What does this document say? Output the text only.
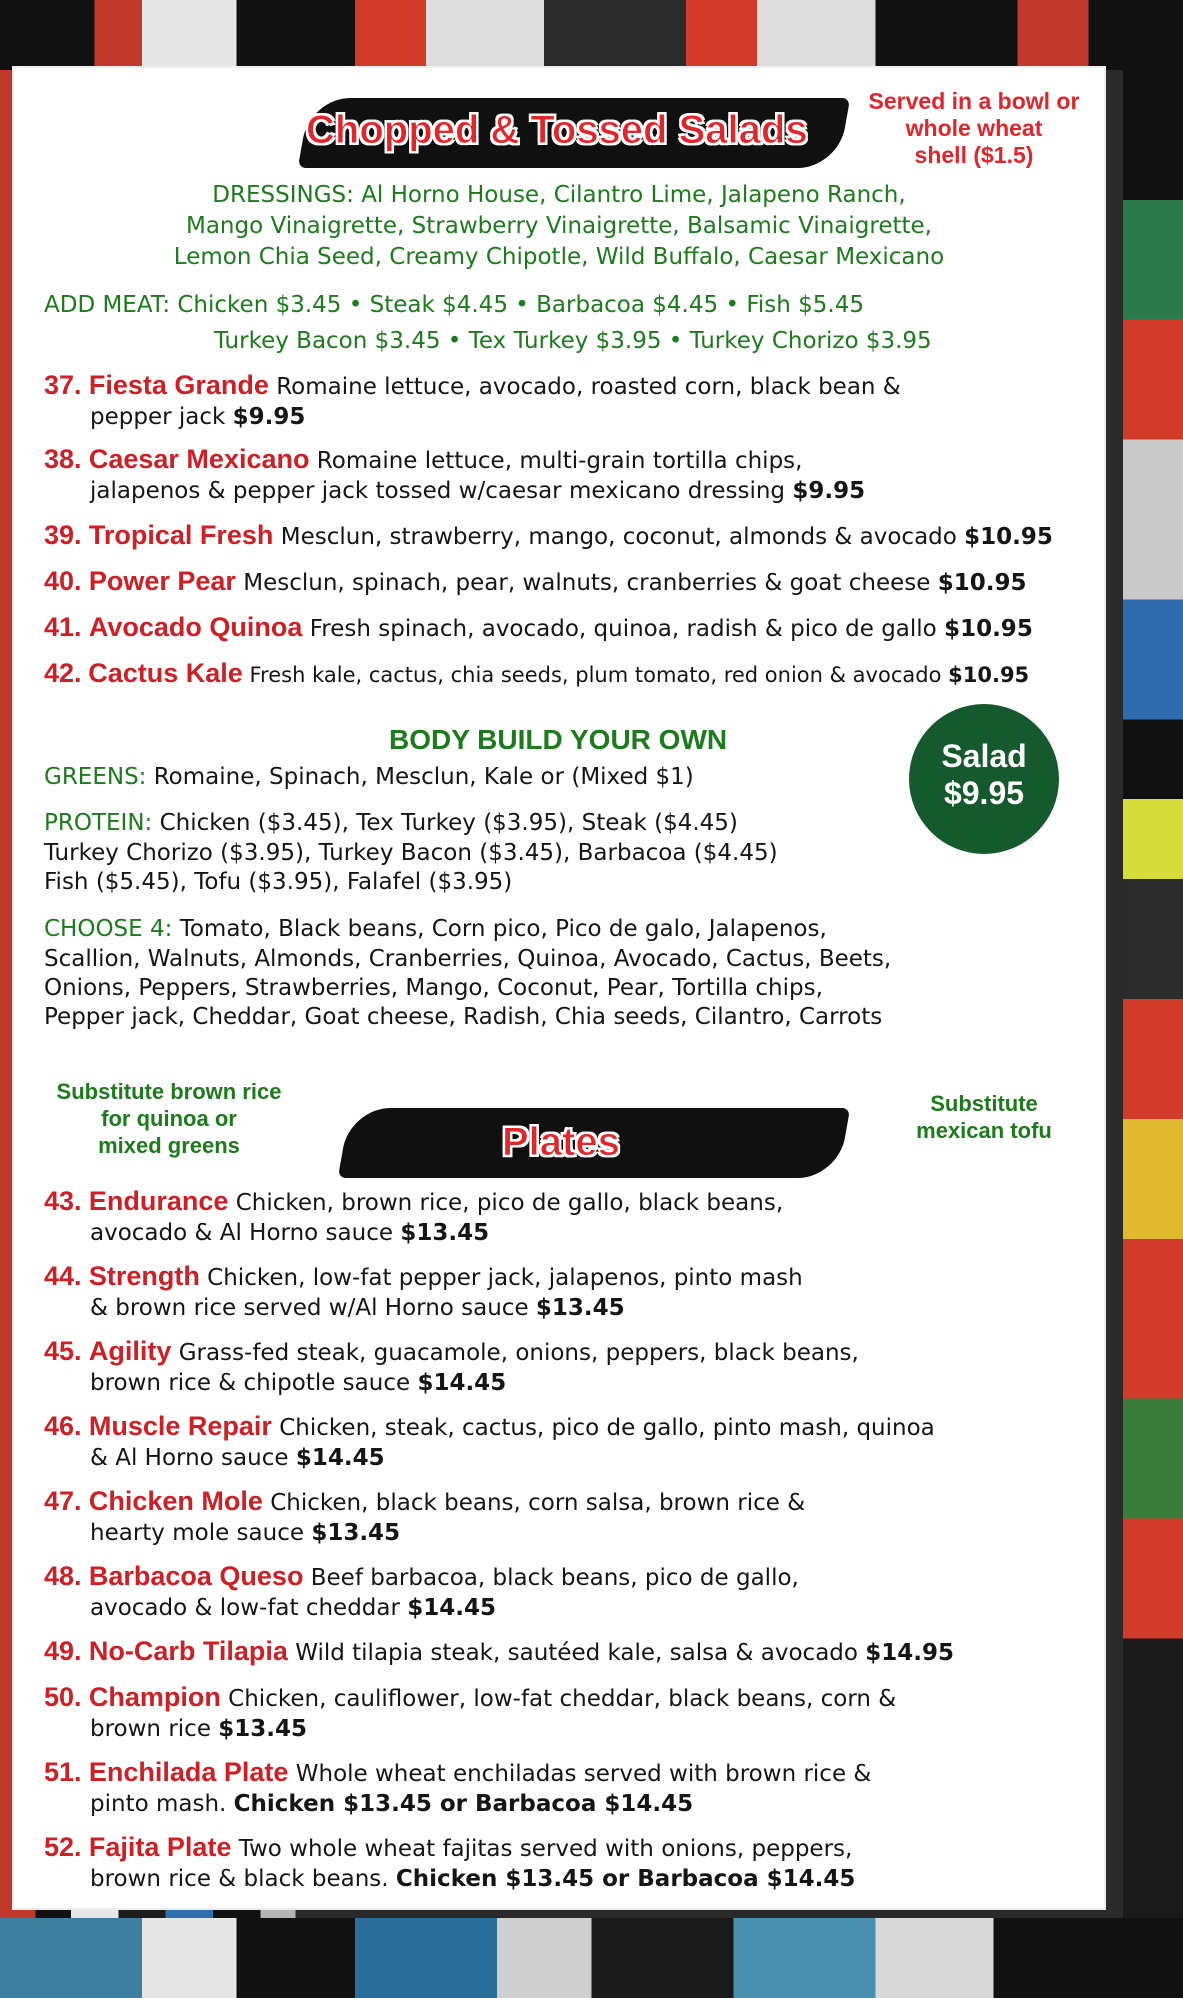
Chopped & Tossed Salads
Served in a bowl or
whole wheat
shell ($1.5)
DRESSINGS: Al Horno House, Cilantro Lime, Jalapeno Ranch,
Mango Vinaigrette, Strawberry Vinaigrette, Balsamic Vinaigrette,
Lemon Chia Seed, Creamy Chipotle, Wild Buffalo, Caesar Mexicano
ADD MEAT: Chicken $3.45 • Steak $4.45 • Barbacoa $4.45 • Fish $5.45
Turkey Bacon $3.45 • Tex Turkey $3.95 • Turkey Chorizo $3.95
37. Fiesta Grande Romaine lettuce, avocado, roasted corn, black bean &
pepper jack $9.95
38. Caesar Mexicano Romaine lettuce, multi-grain tortilla chips,
jalapenos & pepper jack tossed w/caesar mexicano dressing $9.95
39. Tropical Fresh Mesclun, strawberry, mango, coconut, almonds & avocado $10.95
40. Power Pear Mesclun, spinach, pear, walnuts, cranberries & goat cheese $10.95
41. Avocado Quinoa Fresh spinach, avocado, quinoa, radish & pico de gallo $10.95
42. Cactus Kale Fresh kale, cactus, chia seeds, plum tomato, red onion & avocado $10.95
BODY BUILD YOUR OWN	Salad
$9.95
GREENS: Romaine, Spinach, Mesclun, Kale or (Mixed $1)
PROTEIN: Chicken ($3.45), Tex Turkey ($3.95), Steak ($4.45)
Turkey Chorizo ($3.95), Turkey Bacon ($3.45), Barbacoa ($4.45)
Fish ($5.45), Tofu ($3.95), Falafel ($3.95)
CHOOSE 4: Tomato, Black beans, Corn pico, Pico de galo, Jalapenos,
Scallion, Walnuts, Almonds, Cranberries, Quinoa, Avocado, Cactus, Beets,
Onions, Peppers, Strawberries, Mango, Coconut, Pear, Tortilla chips,
Pepper jack, Cheddar, Goat cheese, Radish, Chia seeds, Cilantro, Carrots
Substitute brown rice
for quinoa or
mixed greens	Plates
Substitute
mexican tofu
43. Endurance Chicken, brown rice, pico de gallo, black beans,
avocado & Al Horno sauce $13.45
44. Strength Chicken, low-fat pepper jack, jalapenos, pinto mash
& brown rice served w/Al Horno sauce $13.45
45. Agility Grass-fed steak, guacamole, onions, peppers, black beans,
brown rice & chipotle sauce $14.45
46. Muscle Repair Chicken, steak, cactus, pico de gallo, pinto mash, quinoa
& Al Horno sauce $14.45
47. Chicken Mole Chicken, black beans, corn salsa, brown rice &
hearty mole sauce $13.45
48. Barbacoa Queso Beef barbacoa, black beans, pico de gallo,
avocado & low-fat cheddar $14.45
49. No-Carb Tilapia Wild tilapia steak, sautéed kale, salsa & avocado $14.95
50. Champion Chicken, cauliflower, low-fat cheddar, black beans, corn &
brown rice $13.45
51. Enchilada Plate Whole wheat enchiladas served with brown rice &
pinto mash. Chicken $13.45 or Barbacoa $14.45
52. Fajita Plate Two whole wheat fajitas served with onions, peppers,
brown rice & black beans. Chicken $13.45 or Barbacoa $14.45
